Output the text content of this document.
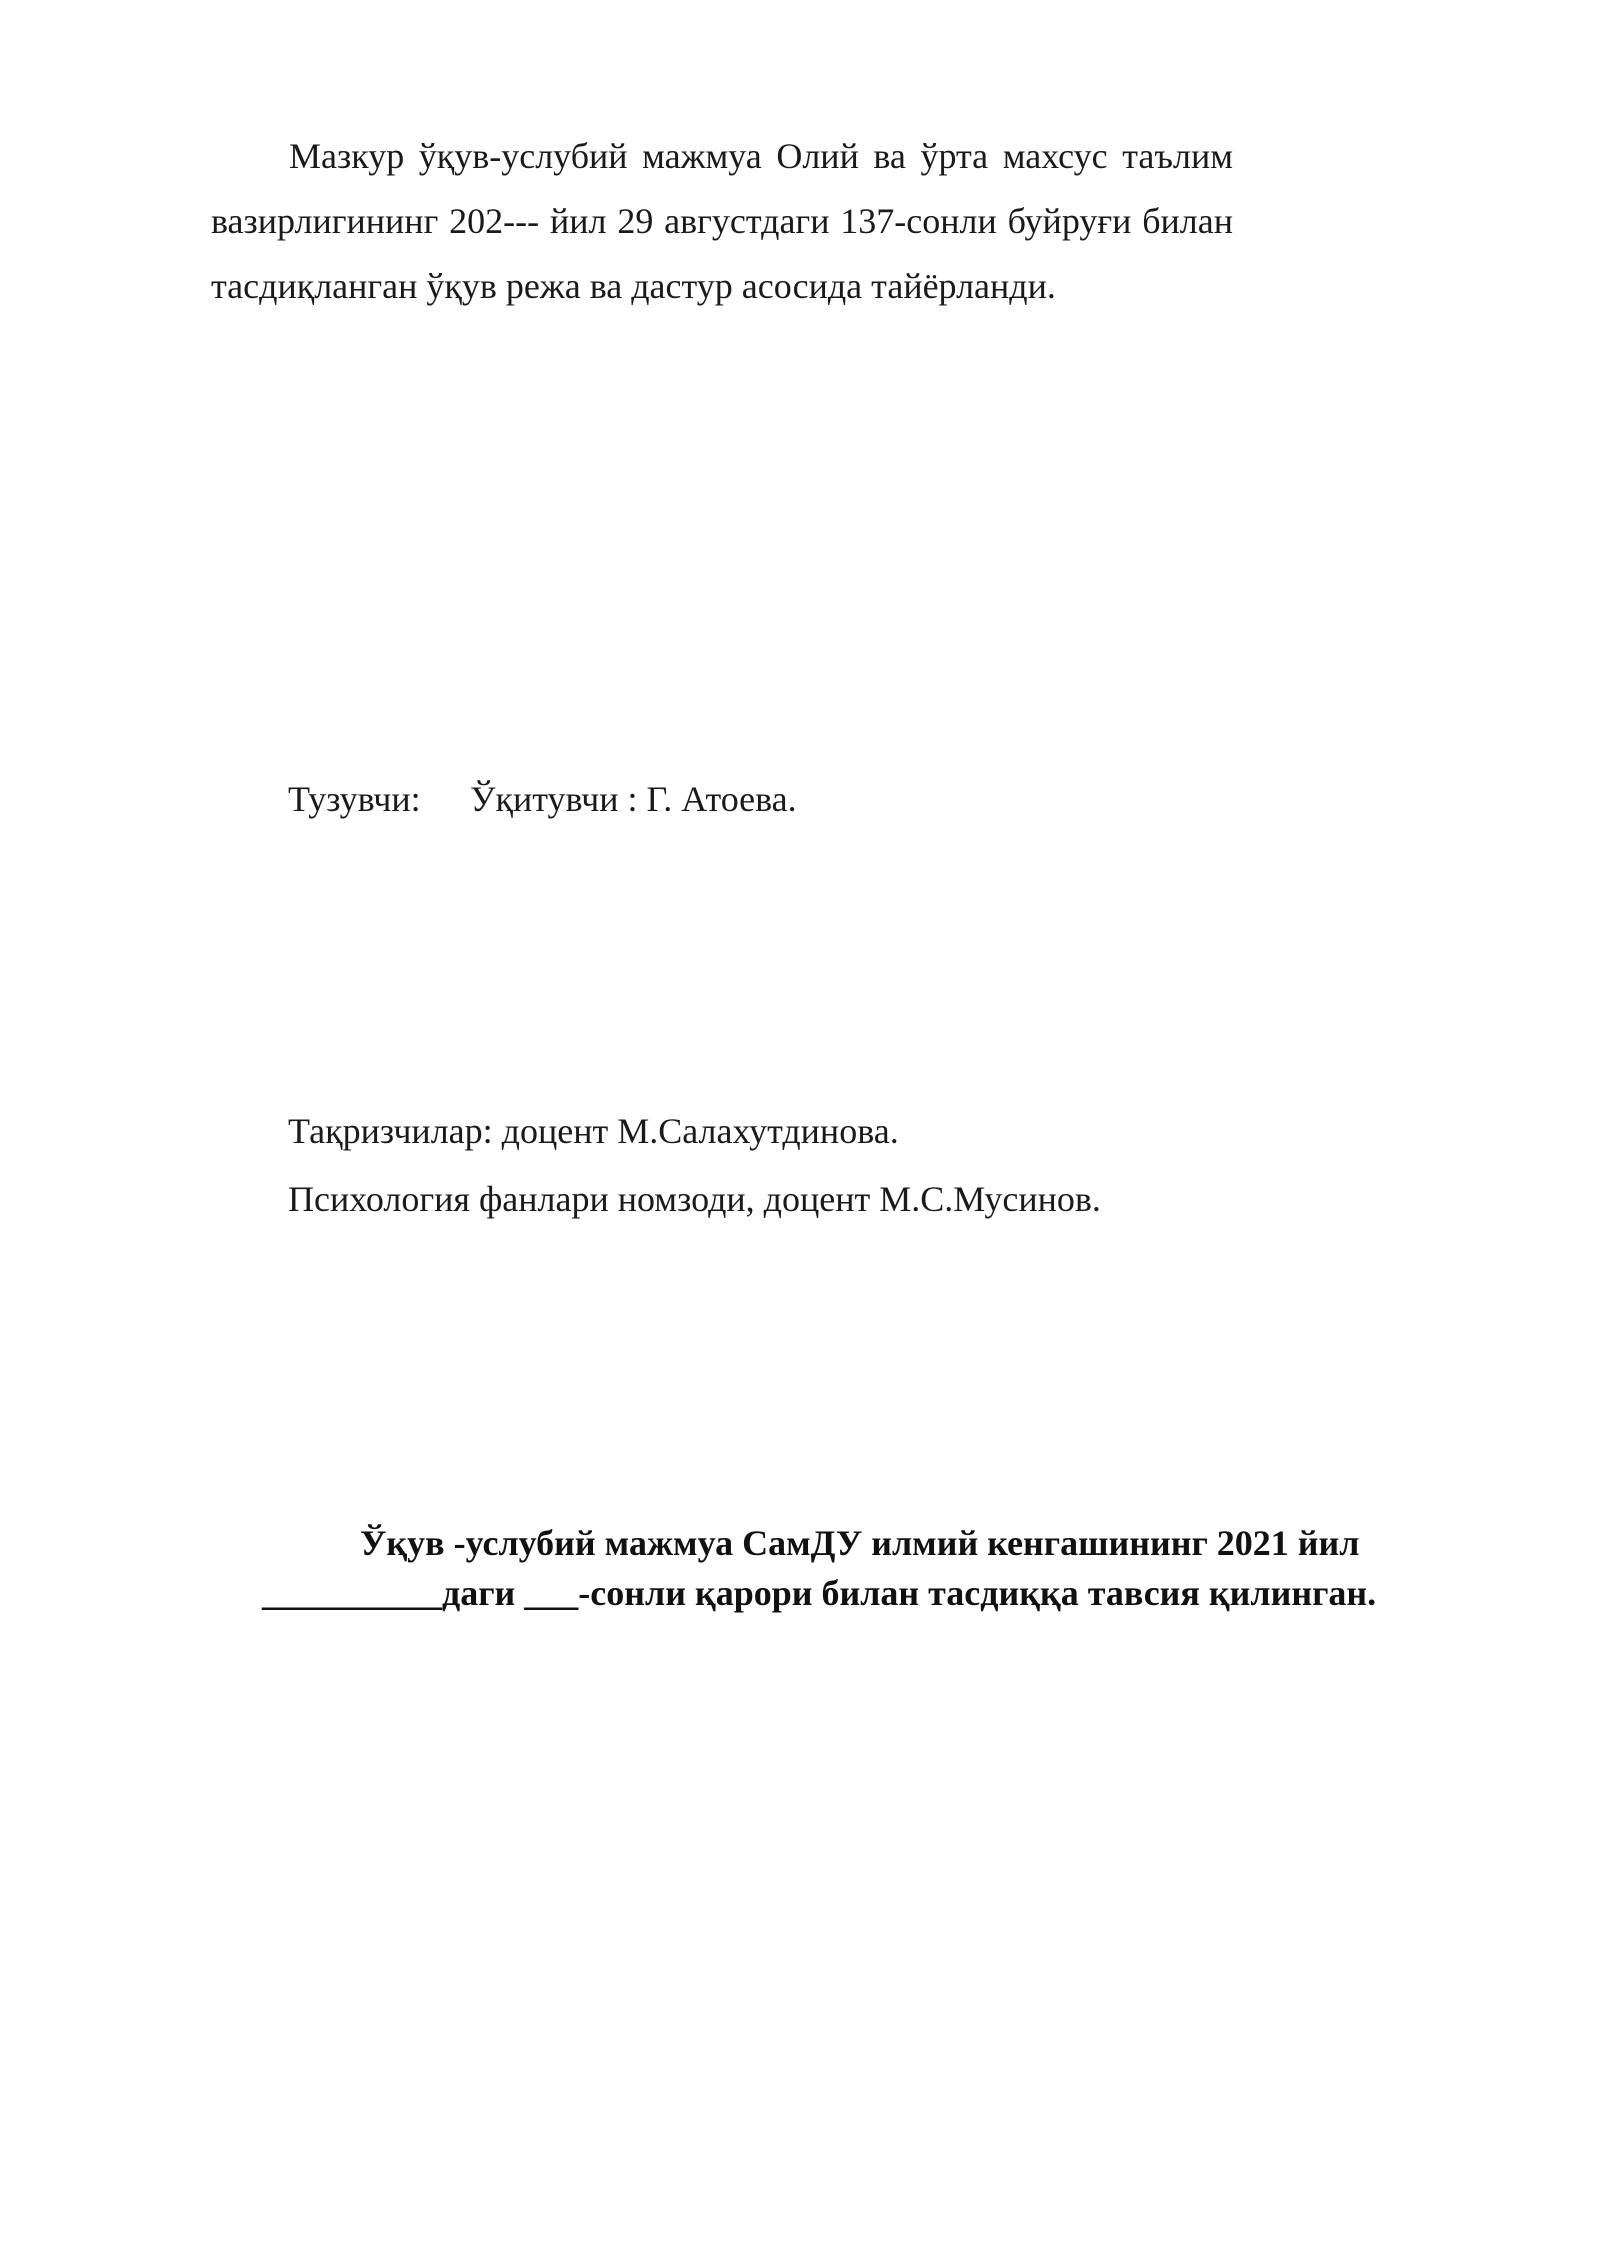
Мазкур ўқув-услубий мажмуа Олий ва ўрта махсус таълим вазирлигининг 202--- йил 29 августдаги 137-сонли буйруғи билан тасдиқланган ўқув режа ва дастур асосида тайёрланди.

Тузувчи: Ўқитувчи : Г. Атоева.

Тақризчилар: доцент М.Салахутдинова.

Психология фанлари номзоди, доцент М.С.Мусинов.

Ўқув -услубий мажмуа СамДУ илмий кенгашининг 2021 йил
__________даги ___-сонли қарори билан тасдиққа тавсия қилинган.
